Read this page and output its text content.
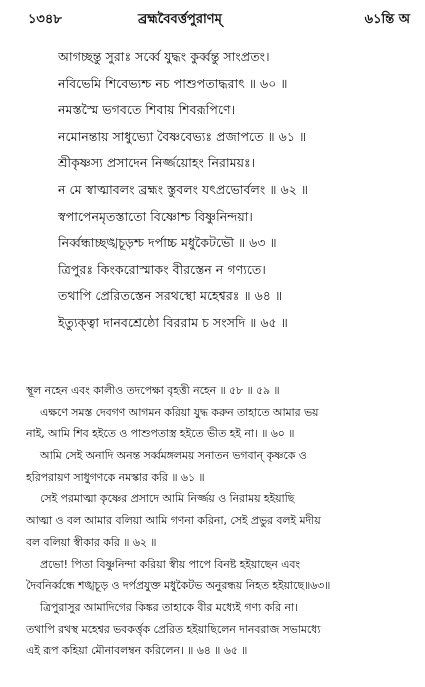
১৩৪৮	ব্রহ্মবৈবর্ত্তপুরাণম্‌	৬১ন্তি অ
আগচ্ছন্তু সুরাঃ সর্ব্বে যুদ্ধং কুর্ব্বন্তু সাংপ্রতং।
নবিভেমি শিবেভ্যশ্চ নচ পাশুপতাদ্ধরাৎ ॥ ৬০ ॥
নমস্তস্মৈ ভগবতে শিবায় শিবরূপিণে।
নমোনন্তায় সাধুভ্যো বৈষ্ণবেভ্যঃ প্রজাপতে ॥ ৬১ ॥
শ্রীকৃষ্ণস্য প্রসাদেন নির্জ্জয়োহং নিরাময়ঃ।
ন মে স্বাত্মাবলং ব্রহ্মং স্তুবলং যৎপ্রভোর্বলং ॥ ৬২ ॥
স্বপাপেনমৃতস্তাতো বিষ্ণোশ্চ বিষ্ণুনিন্দয়া।
নির্ব্বন্ধাচ্ছঙ্খচূড়শ্চ দর্পাচ্চ মধুকৈটভৌ ॥ ৬৩ ॥
ত্রিপুরঃ কিংকরোস্মাকং বীরস্তেন ন গণ্যতে।
তথাপি প্রেরিতস্তেন সরথস্থো মহেশ্বরঃ ॥ ৬৪ ॥
ইত্যুক্ত্বা দানবশ্রেষ্ঠো বিররাম চ সংসদি ॥ ৬৫ ॥
স্থূল নহেন এবং কালীও তদপেক্ষা বৃহত্তী নহেন ॥ ৫৮ ॥ ৫৯ ॥
এক্ষণে সমস্ত দেবগণ আগমন করিয়া যুদ্ধ করুন তাহাতে আমার ভয়
নাই, আমি শিব হইতে ও পাশুপতাস্ত্র হইতে ভীত হই না। ॥ ৬০ ॥
আমি সেই অনাদি অনন্ত সর্ব্বমঙ্গলময় সনাতন ভগবান্‌ কৃষ্ণকে ও
হরিপরায়ণ সাধুগণকে নমস্কার করি ॥ ৬১ ॥
সেই পরমাত্মা কৃষ্ণের প্রসাদে আমি নির্জ্জয় ও নিরাময় হইয়াছি
আত্মা ও বল আমার বলিয়া আমি গণনা করিনা, সেই প্রভুর বলই মদীয়
বল বলিয়া স্বীকার করি ॥ ৬২ ॥
প্রভো! পিতা বিষ্ণুনিন্দা করিয়া স্বীয় পাপে বিনষ্ট হইয়াছেন এবং
দৈবনির্ব্বন্ধে শঙ্খচূড় ও দর্পপ্রযুক্ত মধুকৈটভ অনুরন্ধয় নিহত হইয়াছে॥৬৩॥
ত্রিপুরাসুর আমাদিগের কিঙ্কর তাহাকে বীর মধ্যেই গণ্য করি না।
তথাপি রথস্থ মহেশ্বর ভবকর্ত্তৃক প্রেরিত হইয়াছিলেন দানবরাজ সভামধ্যে
এই রূপ কহিয়া মৌনাবলম্বন করিলেন। ॥ ৬৪ ॥ ৬৫ ॥
